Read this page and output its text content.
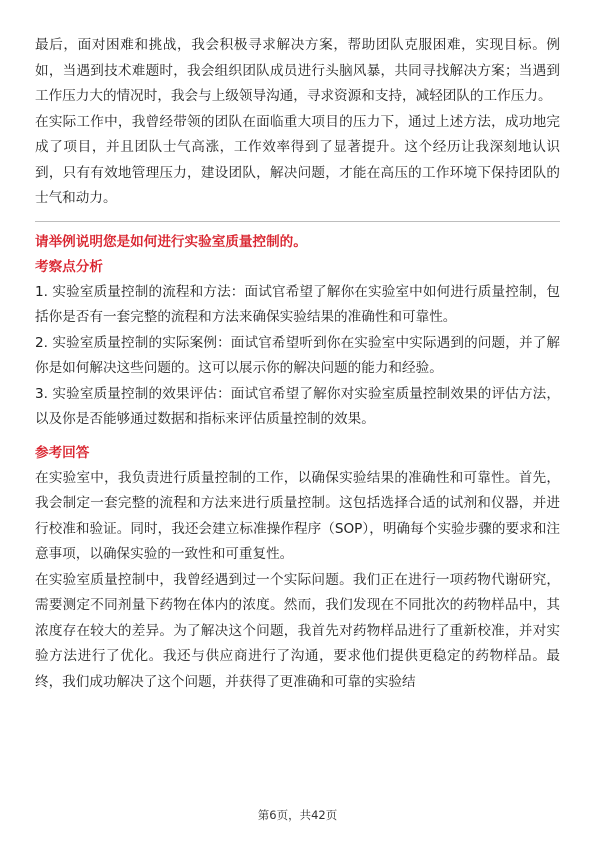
最后，面对困难和挑战，我会积极寻求解决方案，帮助团队克服困难，实现目标。例如，当遇到技术难题时，我会组织团队成员进行头脑风暴，共同寻找解决方案；当遇到工作压力大的情况时，我会与上级领导沟通，寻求资源和支持，减轻团队的工作压力。

在实际工作中，我曾经带领的团队在面临重大项目的压力下，通过上述方法，成功地完成了项目，并且团队士气高涨，工作效率得到了显著提升。这个经历让我深刻地认识到，只有有效地管理压力，建设团队，解决问题，才能在高压的工作环境下保持团队的士气和动力。

请举例说明您是如何进行实验室质量控制的。

考察点分析

1. 实验室质量控制的流程和方法：面试官希望了解你在实验室中如何进行质量控制，包括你是否有一套完整的流程和方法来确保实验结果的准确性和可靠性。

2. 实验室质量控制的实际案例：面试官希望听到你在实验室中实际遇到的问题，并了解你是如何解决这些问题的。这可以展示你的解决问题的能力和经验。

3. 实验室质量控制的效果评估：面试官希望了解你对实验室质量控制效果的评估方法，以及你是否能够通过数据和指标来评估质量控制的效果。

参考回答

在实验室中，我负责进行质量控制的工作，以确保实验结果的准确性和可靠性。首先，我会制定一套完整的流程和方法来进行质量控制。这包括选择合适的试剂和仪器，并进行校准和验证。同时，我还会建立标准操作程序（SOP），明确每个实验步骤的要求和注意事项，以确保实验的一致性和可重复性。

在实验室质量控制中，我曾经遇到过一个实际问题。我们正在进行一项药物代谢研究，需要测定不同剂量下药物在体内的浓度。然而，我们发现在不同批次的药物样品中，其浓度存在较大的差异。为了解决这个问题，我首先对药物样品进行了重新校准，并对实验方法进行了优化。我还与供应商进行了沟通，要求他们提供更稳定的药物样品。最终，我们成功解决了这个问题，并获得了更准确和可靠的实验结

第6页，共42页
